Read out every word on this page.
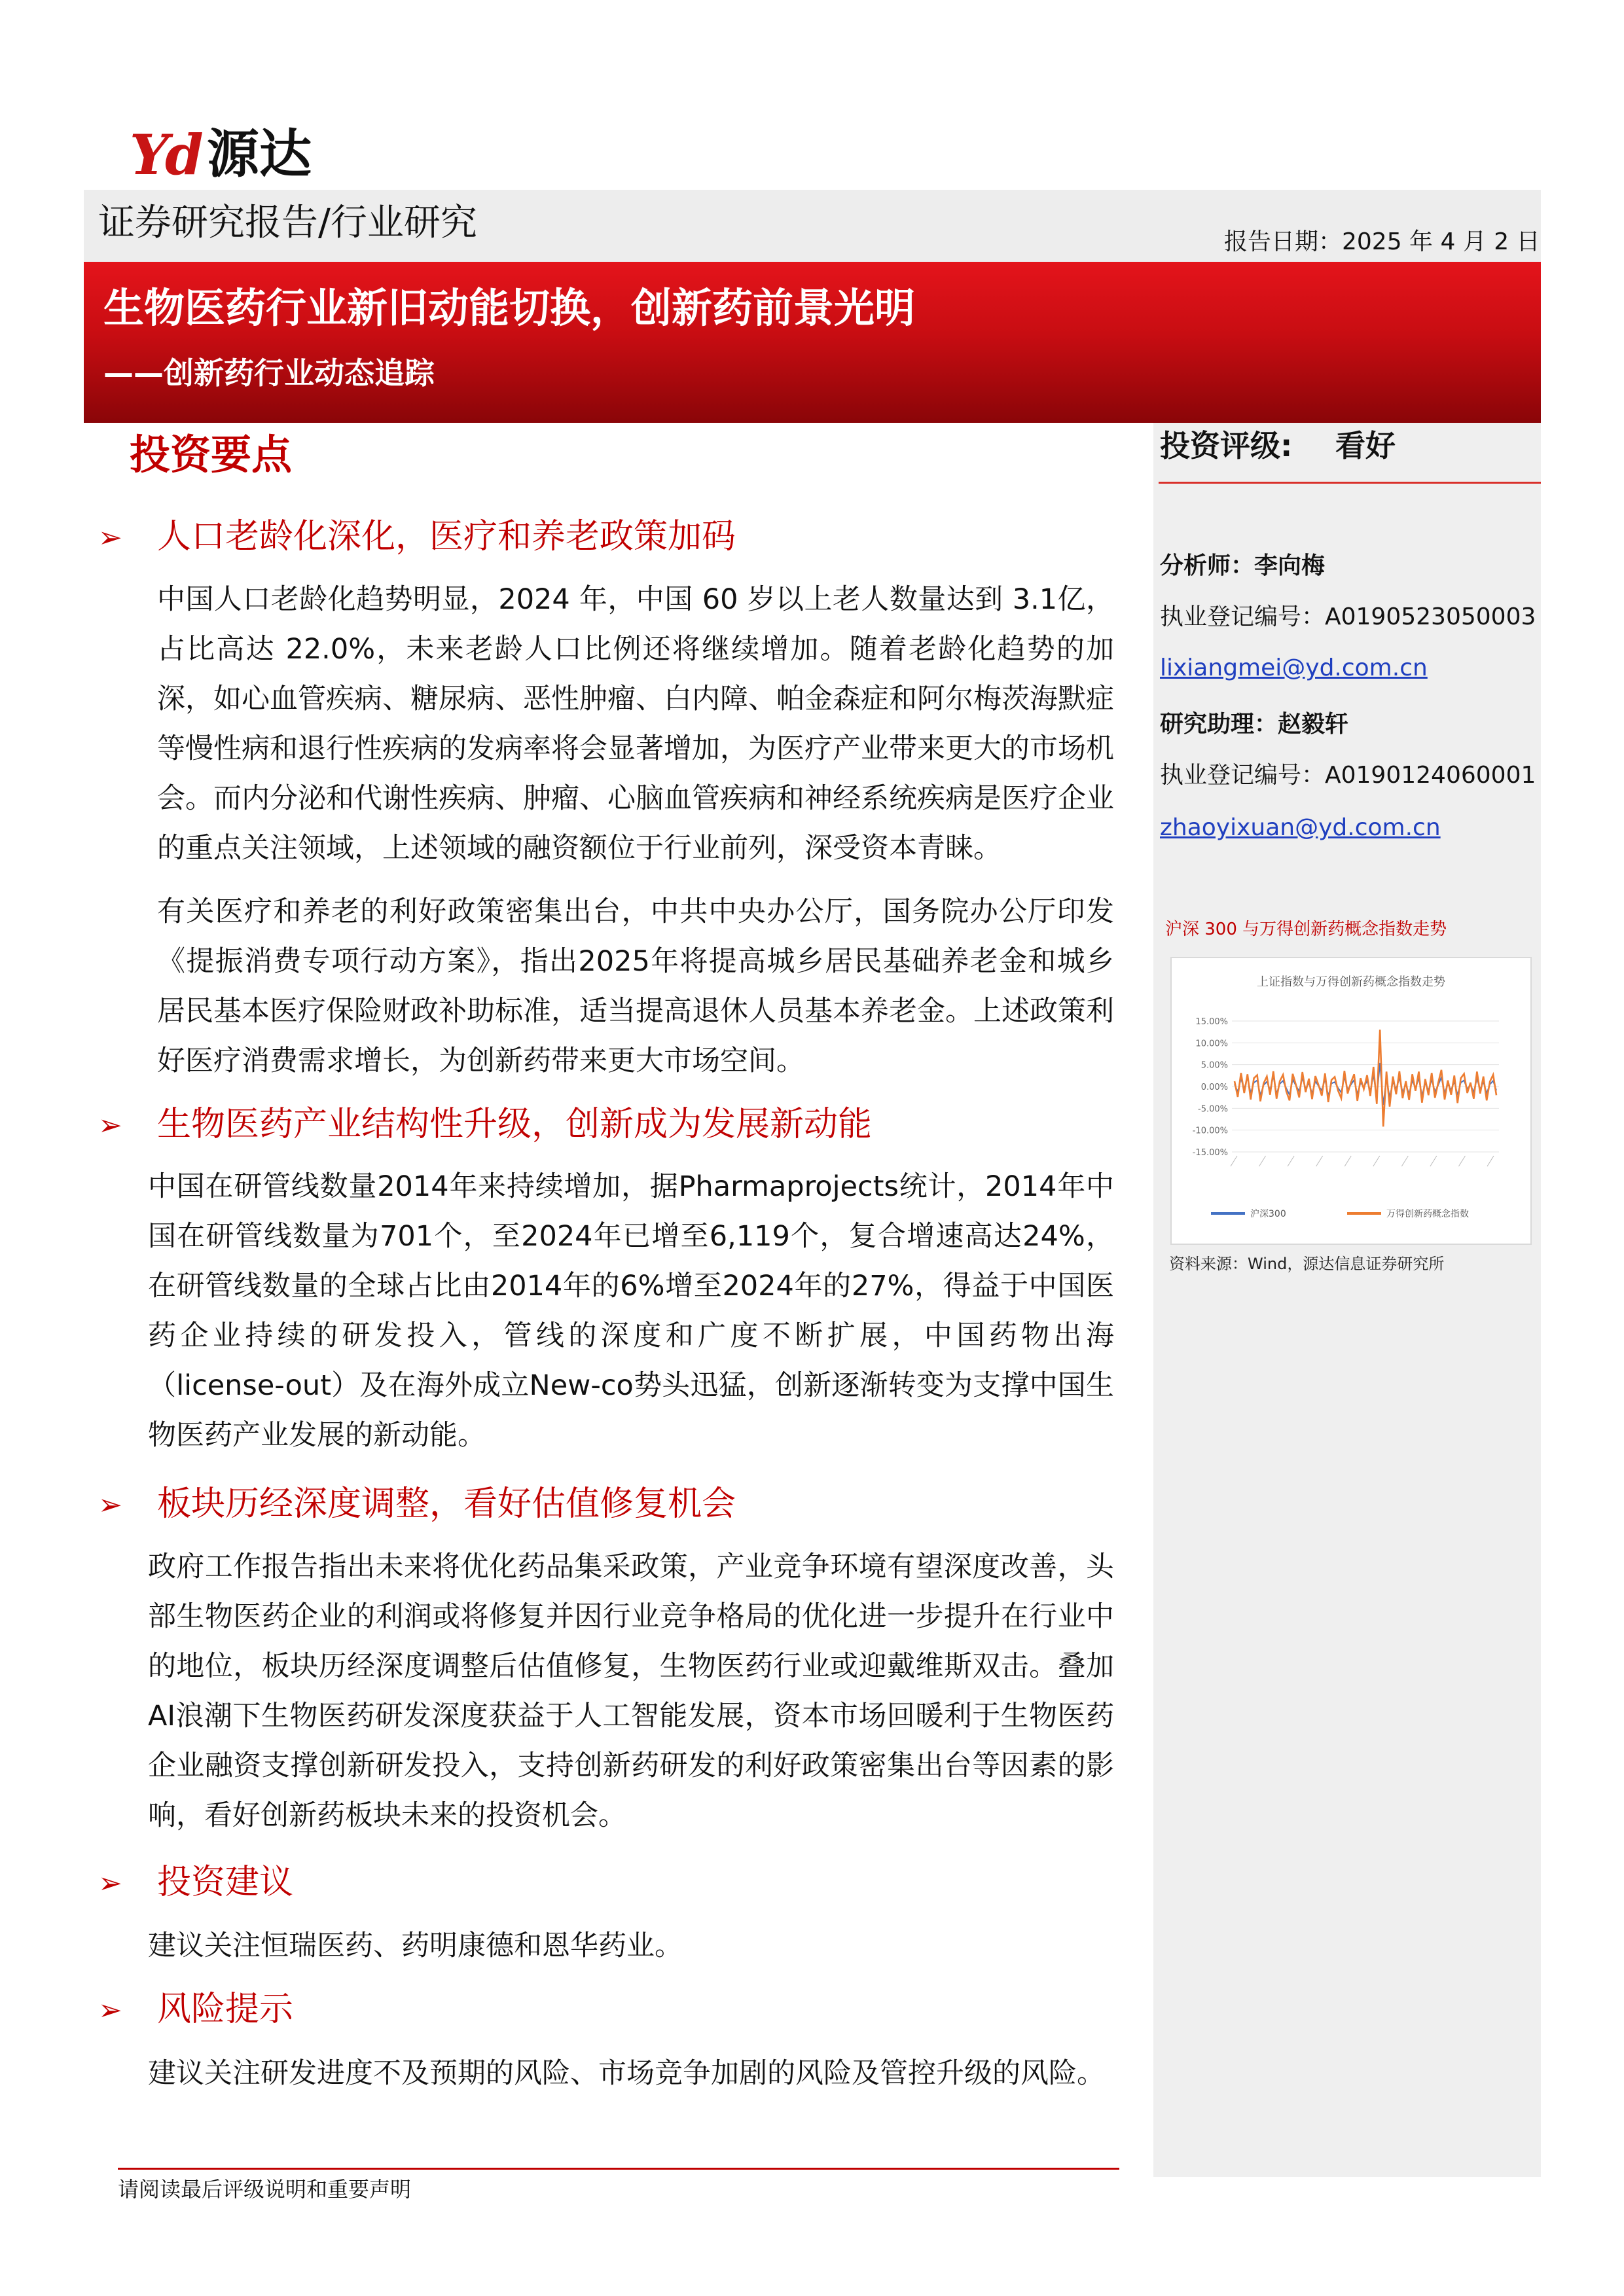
Yd 源达
证券研究报告/行业研究	报告日期：2025 年 4 月 2 日
生物医药行业新旧动能切换，创新药前景光明
——创新药行业动态追踪
投资评级: 看好
分析师：李向梅
执业登记编号：A0190523050003
lixiangmei@yd.com.cn
研究助理：赵毅轩
执业登记编号：A0190124060001
zhaoyixuan@yd.com.cn
沪深 300 与万得创新药概念指数走势
上证指数与万得创新药概念指数走势
15.00%
10.00%
5.00%
0.00%
-5.00%
-10.00%
-15.00%
沪深300	万得创新药概念指数
资料来源：Wind，源达信息证券研究所
投资要点
➢ 人口老龄化深化，医疗和养老政策加码
中国人口老龄化趋势明显，2024 年，中国 60 岁以上老人数量达到 3.1亿，占比高达 22.0%，未来老龄人口比例还将继续增加。随着老龄化趋势的加深，如心血管疾病、糖尿病、恶性肿瘤、白内障、帕金森症和阿尔梅茨海默症等慢性病和退行性疾病的发病率将会显著增加，为医疗产业带来更大的市场机会。而内分泌和代谢性疾病、肿瘤、心脑血管疾病和神经系统疾病是医疗企业的重点关注领域，上述领域的融资额位于行业前列，深受资本青睐。
有关医疗和养老的利好政策密集出台，中共中央办公厅，国务院办公厅印发《提振消费专项行动方案》，指出2025年将提高城乡居民基础养老金和城乡居民基本医疗保险财政补助标准，适当提高退休人员基本养老金。上述政策利好医疗消费需求增长，为创新药带来更大市场空间。
➢ 生物医药产业结构性升级，创新成为发展新动能
中国在研管线数量2014年来持续增加，据Pharmaprojects统计，2014年中国在研管线数量为701个，至2024年已增至6,119个，复合增速高达24%，在研管线数量的全球占比由2014年的6%增至2024年的27%，得益于中国医药企业持续的研发投入，管线的深度和广度不断扩展，中国药物出海（license-out）及在海外成立New-co势头迅猛，创新逐渐转变为支撑中国生物医药产业发展的新动能。
➢ 板块历经深度调整，看好估值修复机会
政府工作报告指出未来将优化药品集采政策，产业竞争环境有望深度改善，头部生物医药企业的利润或将修复并因行业竞争格局的优化进一步提升在行业中的地位，板块历经深度调整后估值修复，生物医药行业或迎戴维斯双击。叠加AI浪潮下生物医药研发深度获益于人工智能发展，资本市场回暖利于生物医药企业融资支撑创新研发投入，支持创新药研发的利好政策密集出台等因素的影响，看好创新药板块未来的投资机会。
➢ 投资建议
建议关注恒瑞医药、药明康德和恩华药业。
➢ 风险提示
建议关注研发进度不及预期的风险、市场竞争加剧的风险及管控升级的风险。
请阅读最后评级说明和重要声明
